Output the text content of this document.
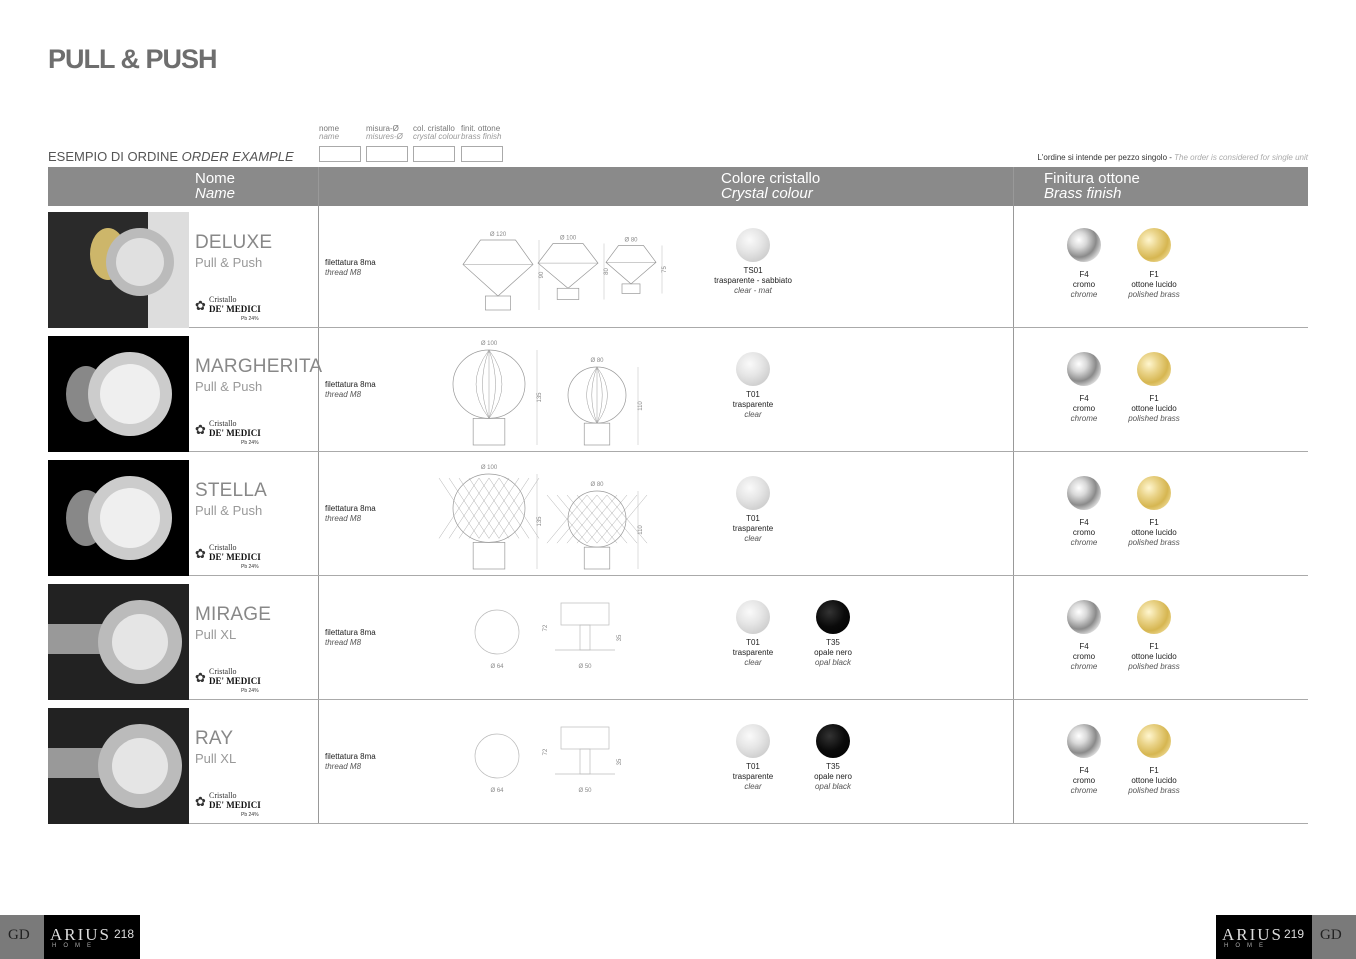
PULL & PUSH
ESEMPIO DI ORDINE ORDER EXAMPLE
nome
name
misura-Ø
misures-Ø
col. cristallo
crystal colour
finit. ottone
brass finish
L'ordine si intende per pezzo singolo - The order is considered for single unit
Nome
Name
Colore cristallo
Crystal colour
Finitura ottone
Brass finish
DELUXE
Pull & Push
✿ Cristallo
DE' MEDICI
Pb 24%
filettatura 8ma
thread M8
Ø 120
90
Ø 100
80
Ø 80
75	TS01
trasparente - sabbiato
clear - mat
F4
cromo
chrome
F1
ottone lucido
polished brass
MARGHERITA
Pull & Push
✿ Cristallo
DE' MEDICI
Pb 24%
filettatura 8ma
thread M8
Ø 100
135
Ø 80
110
T01
trasparente
clear
F4
cromo
chrome
F1
ottone lucido
polished brass
STELLA
Pull & Push
✿ Cristallo
DE' MEDICI
Pb 24%
filettatura 8ma
thread M8
Ø 100
135
Ø 80
110
T01
trasparente
clear
F4
cromo
chrome
F1
ottone lucido
polished brass
MIRAGE
Pull XL
✿ Cristallo
DE' MEDICI
Pb 24%
filettatura 8ma
thread M8
Ø 64
72
Ø 50
35	T01
trasparente
clear
T35
opale nero
opal black
F4
cromo
chrome
F1
ottone lucido
polished brass
RAY
Pull XL
✿ Cristallo
DE' MEDICI
Pb 24%
filettatura 8ma
thread M8
Ø 64
72
Ø 50
35	T01
trasparente
clear
T35
opale nero
opal black
F4
cromo
chrome
F1
ottone lucido
polished brass
GD ARIUS
HOME
218	ARIUS
HOME
219 GD
